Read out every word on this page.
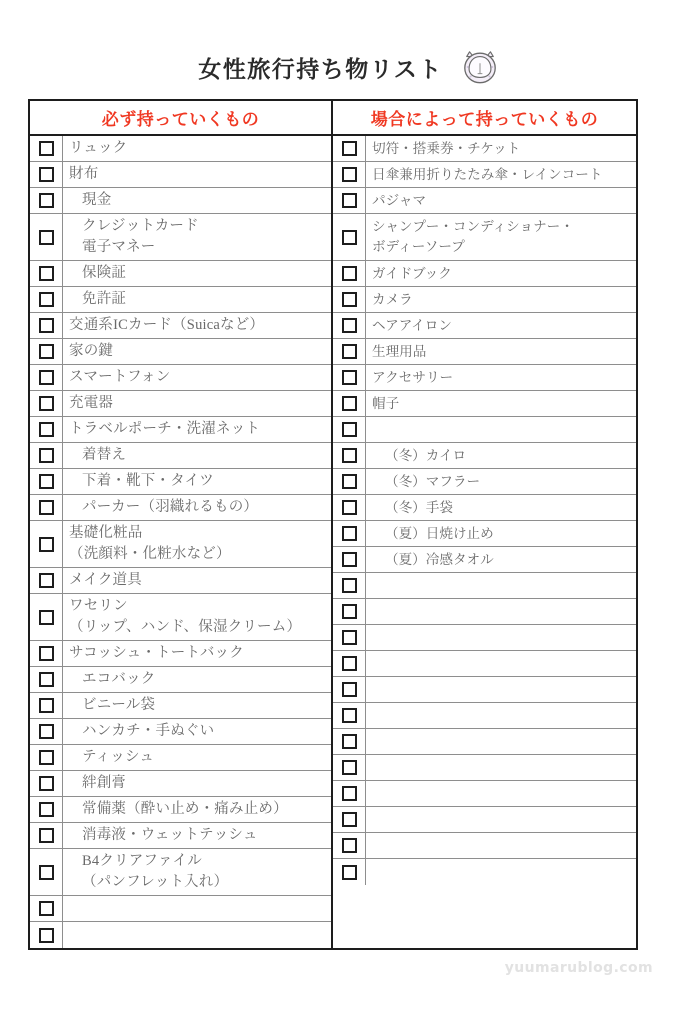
女性旅行持ち物リスト
必ず持っていくもの	場合によって持っていくもの
リュック
財布
現金
クレジットカード
電子マネー
保険証
免許証
交通系ICカード（Suicaなど）
家の鍵
スマートフォン
充電器
トラベルポーチ・洗濯ネット
着替え
下着・靴下・タイツ
パーカー（羽織れるもの）
基礎化粧品
（洗顔料・化粧水など）
メイク道具
ワセリン
（リップ、ハンド、保湿クリーム）
サコッシュ・トートバック
エコバック
ビニール袋
ハンカチ・手ぬぐい
ティッシュ
絆創膏
常備薬（酔い止め・痛み止め）
消毒液・ウェットテッシュ
B4クリアファイル
（パンフレット入れ）
切符・搭乗券・チケット
日傘兼用折りたたみ傘・レインコート
パジャマ
シャンプー・コンディショナー・
ボディーソープ
ガイドブック
カメラ
ヘアアイロン
生理用品
アクセサリー
帽子
（冬）カイロ
（冬）マフラー
（冬）手袋
（夏）日焼け止め
（夏）冷感タオル
yuumarublog.com
